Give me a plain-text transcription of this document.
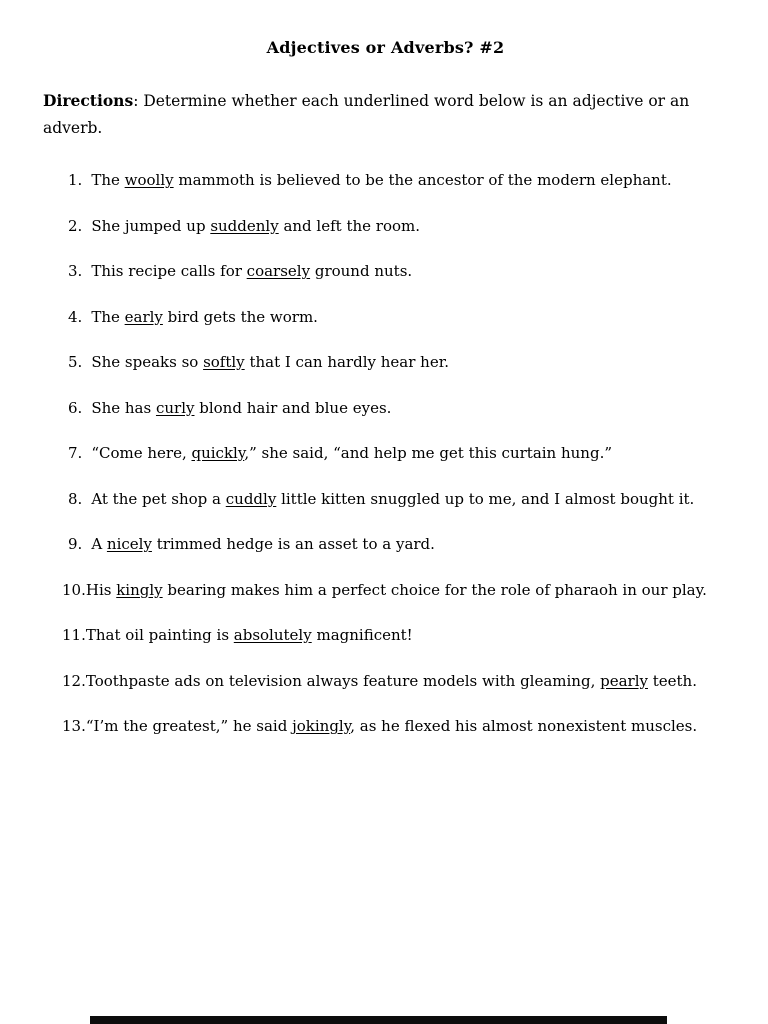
Adjectives or Adverbs? #2

Directions: Determine whether each underlined word below is an adjective or an adverb.

1. The woolly mammoth is believed to be the ancestor of the modern elephant.

2. She jumped up suddenly and left the room.

3. This recipe calls for coarsely ground nuts.

4. The early bird gets the worm.

5. She speaks so softly that I can hardly hear her.

6. She has curly blond hair and blue eyes.

7. “Come here, quickly,” she said, “and help me get this curtain hung.”

8. At the pet shop a cuddly little kitten snuggled up to me, and I almost bought it.

9. A nicely trimmed hedge is an asset to a yard.

10.His kingly bearing makes him a perfect choice for the role of pharaoh in our play.

11.That oil painting is absolutely magnificent!

12.Toothpaste ads on television always feature models with gleaming, pearly teeth.

13.“I’m the greatest,” he said jokingly, as he flexed his almost nonexistent muscles.
